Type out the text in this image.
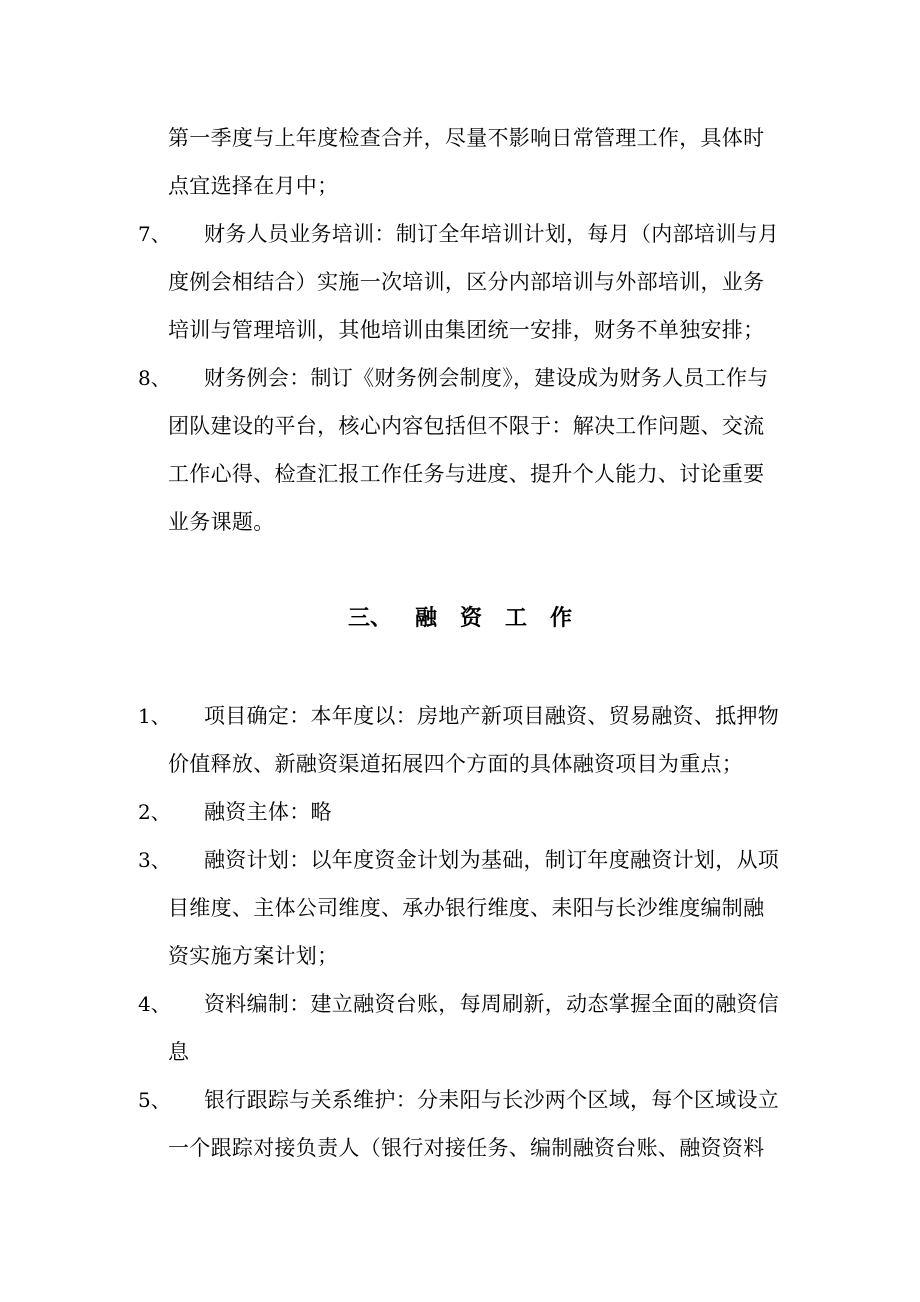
第一季度与上年度检查合并，尽量不影响日常管理工作，具体时
点宜选择在月中；
7、 财务人员业务培训：制订全年培训计划，每月（内部培训与月
度例会相结合）实施一次培训，区分内部培训与外部培训，业务
培训与管理培训，其他培训由集团统一安排，财务不单独安排；
8、 财务例会：制订《财务例会制度》，建设成为财务人员工作与
团队建设的平台，核心内容包括但不限于：解决工作问题、交流
工作心得、检查汇报工作任务与进度、提升个人能力、讨论重要
业务课题。
三、   融   资   工   作
1、 项目确定：本年度以：房地产新项目融资、贸易融资、抵押物
价值释放、新融资渠道拓展四个方面的具体融资项目为重点；
2、 融资主体：略
3、 融资计划：以年度资金计划为基础，制订年度融资计划，从项
目维度、主体公司维度、承办银行维度、耒阳与长沙维度编制融
资实施方案计划；
4、 资料编制：建立融资台账，每周刷新，动态掌握全面的融资信
息
5、 银行跟踪与关系维护：分耒阳与长沙两个区域，每个区域设立
一个跟踪对接负责人（银行对接任务、编制融资台账、融资资料
